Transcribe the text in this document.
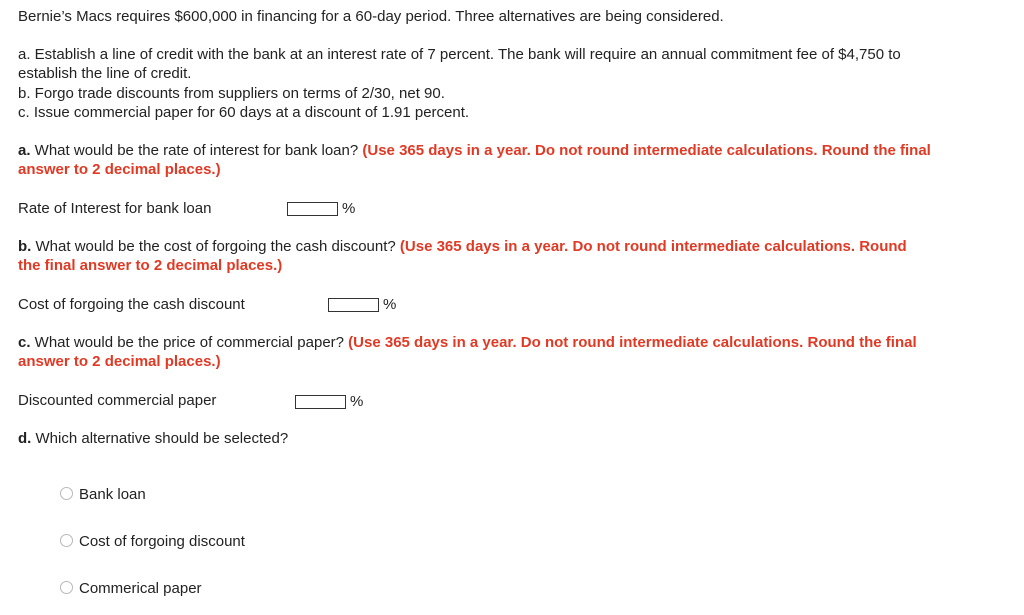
Bernie’s Macs requires $600,000 in financing for a 60-day period. Three alternatives are being considered.
a. Establish a line of credit with the bank at an interest rate of 7 percent. The bank will require an annual commitment fee of $4,750 to
establish the line of credit.
b. Forgo trade discounts from suppliers on terms of 2/30, net 90.
c. Issue commercial paper for 60 days at a discount of 1.91 percent.
a. What would be the rate of interest for bank loan? (Use 365 days in a year. Do not round intermediate calculations. Round the final
answer to 2 decimal places.)
Rate of Interest for bank loan	%
b. What would be the cost of forgoing the cash discount? (Use 365 days in a year. Do not round intermediate calculations. Round
the final answer to 2 decimal places.)
Cost of forgoing the cash discount	%
c. What would be the price of commercial paper? (Use 365 days in a year. Do not round intermediate calculations. Round the final
answer to 2 decimal places.)
Discounted commercial paper	%
d. Which alternative should be selected?
Bank loan
Cost of forgoing discount
Commerical paper
